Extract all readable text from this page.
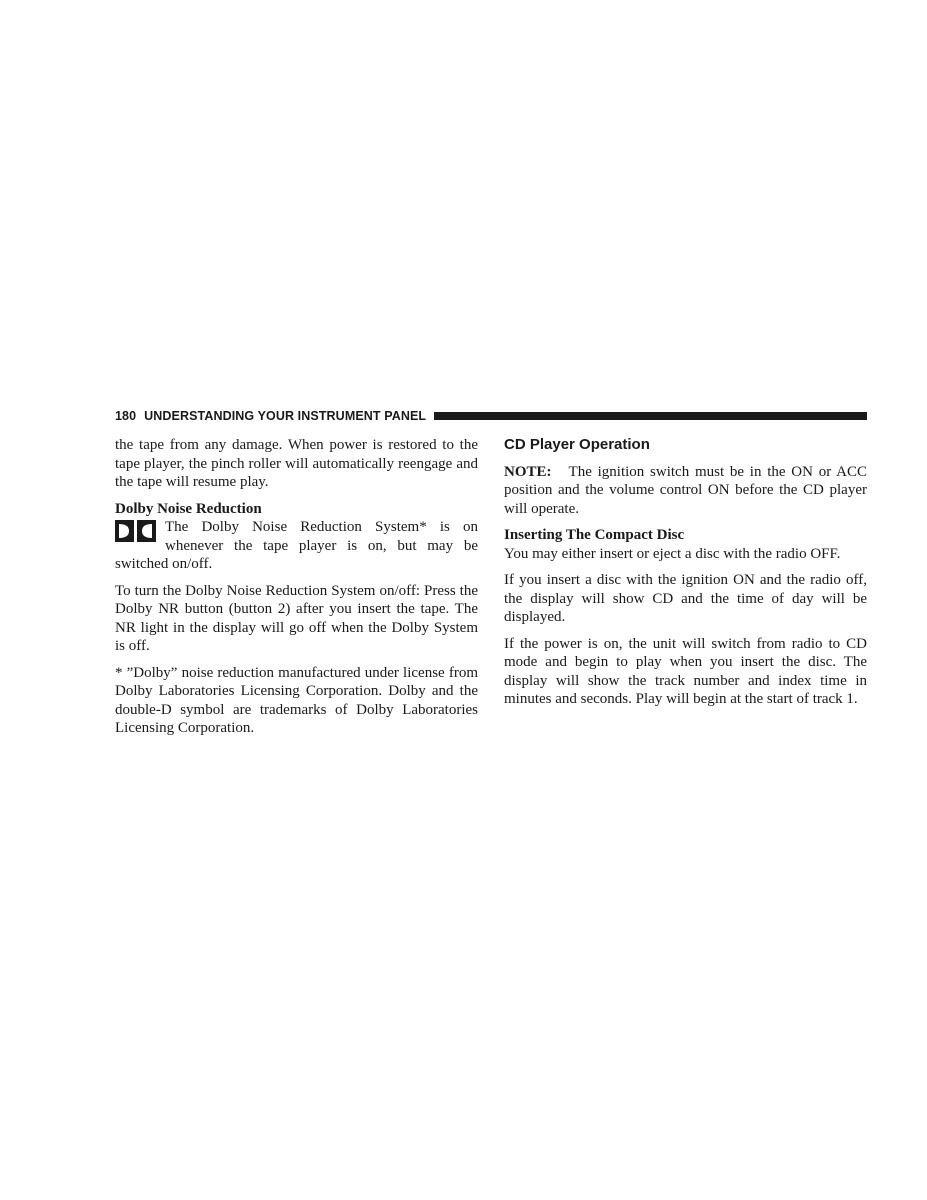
180 UNDERSTANDING YOUR INSTRUMENT PANEL

the tape from any damage. When power is restored to the tape player, the pinch roller will automatically reengage and the tape will resume play.

Dolby Noise Reduction

The Dolby Noise Reduction System* is on whenever the tape player is on, but may be switched on/off.

To turn the Dolby Noise Reduction System on/off: Press the Dolby NR button (button 2) after you insert the tape. The NR light in the display will go off when the Dolby System is off.

* ”Dolby” noise reduction manufactured under license from Dolby Laboratories Licensing Corporation. Dolby and the double-D symbol are trademarks of Dolby Laboratories Licensing Corporation.

CD Player Operation

NOTE: The ignition switch must be in the ON or ACC position and the volume control ON before the CD player will operate.

Inserting The Compact Disc

You may either insert or eject a disc with the radio OFF.

If you insert a disc with the ignition ON and the radio off, the display will show CD and the time of day will be displayed.

If the power is on, the unit will switch from radio to CD mode and begin to play when you insert the disc. The display will show the track number and index time in minutes and seconds. Play will begin at the start of track 1.
